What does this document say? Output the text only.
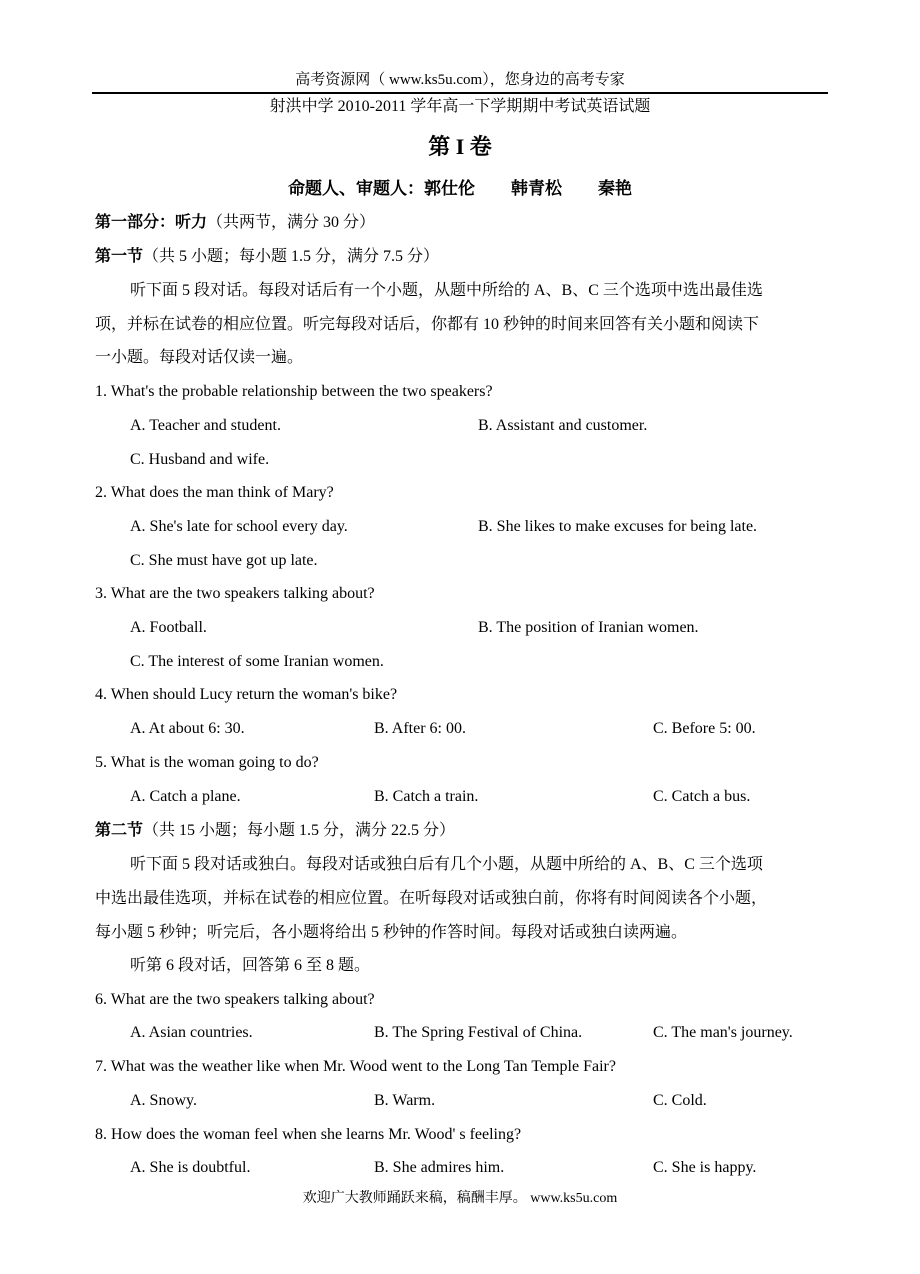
高考资源网（ www.ks5u.com），您身边的高考专家
射洪中学 2010-2011 学年高一下学期期中考试英语试题
第 I 卷
命题人、审题人：郭仕伦 韩青松 秦艳
第一部分：听力（共两节，满分 30 分）
第一节（共 5 小题；每小题 1.5 分，满分 7.5 分）
听下面 5 段对话。每段对话后有一个小题，从题中所给的 A、B、C 三个选项中选出最佳选
项，并标在试卷的相应位置。听完每段对话后，你都有 10 秒钟的时间来回答有关小题和阅读下
一小题。每段对话仅读一遍。
1. What's the probable relationship between the two speakers?
A. Teacher and student.	B. Assistant and customer.
C. Husband and wife.
2. What does the man think of Mary?
A. She's late for school every day.	B. She likes to make excuses for being late.
C. She must have got up late.
3. What are the two speakers talking about?
A. Football.	B. The position of Iranian women.
C. The interest of some Iranian women.
4. When should Lucy return the woman's bike?
A. At about 6: 30.	B. After 6: 00.	C. Before 5: 00.
5. What is the woman going to do?
A. Catch a plane.	B. Catch a train.	C. Catch a bus.
第二节（共 15 小题；每小题 1.5 分，满分 22.5 分）
听下面 5 段对话或独白。每段对话或独白后有几个小题，从题中所给的 A、B、C 三个选项
中选出最佳选项，并标在试卷的相应位置。在听每段对话或独白前，你将有时间阅读各个小题，
每小题 5 秒钟；听完后，各小题将给出 5 秒钟的作答时间。每段对话或独白读两遍。
听第 6 段对话，回答第 6 至 8 题。
6. What are the two speakers talking about?
A. Asian countries.	B. The Spring Festival of China.	C. The man's journey.
7. What was the weather like when Mr. Wood went to the Long Tan Temple Fair?
A. Snowy.	B. Warm.	C. Cold.
8. How does the woman feel when she learns Mr. Wood' s feeling?
A. She is doubtful.	B. She admires him.	C. She is happy.
欢迎广大教师踊跃来稿，稿酬丰厚。 www.ks5u.com
